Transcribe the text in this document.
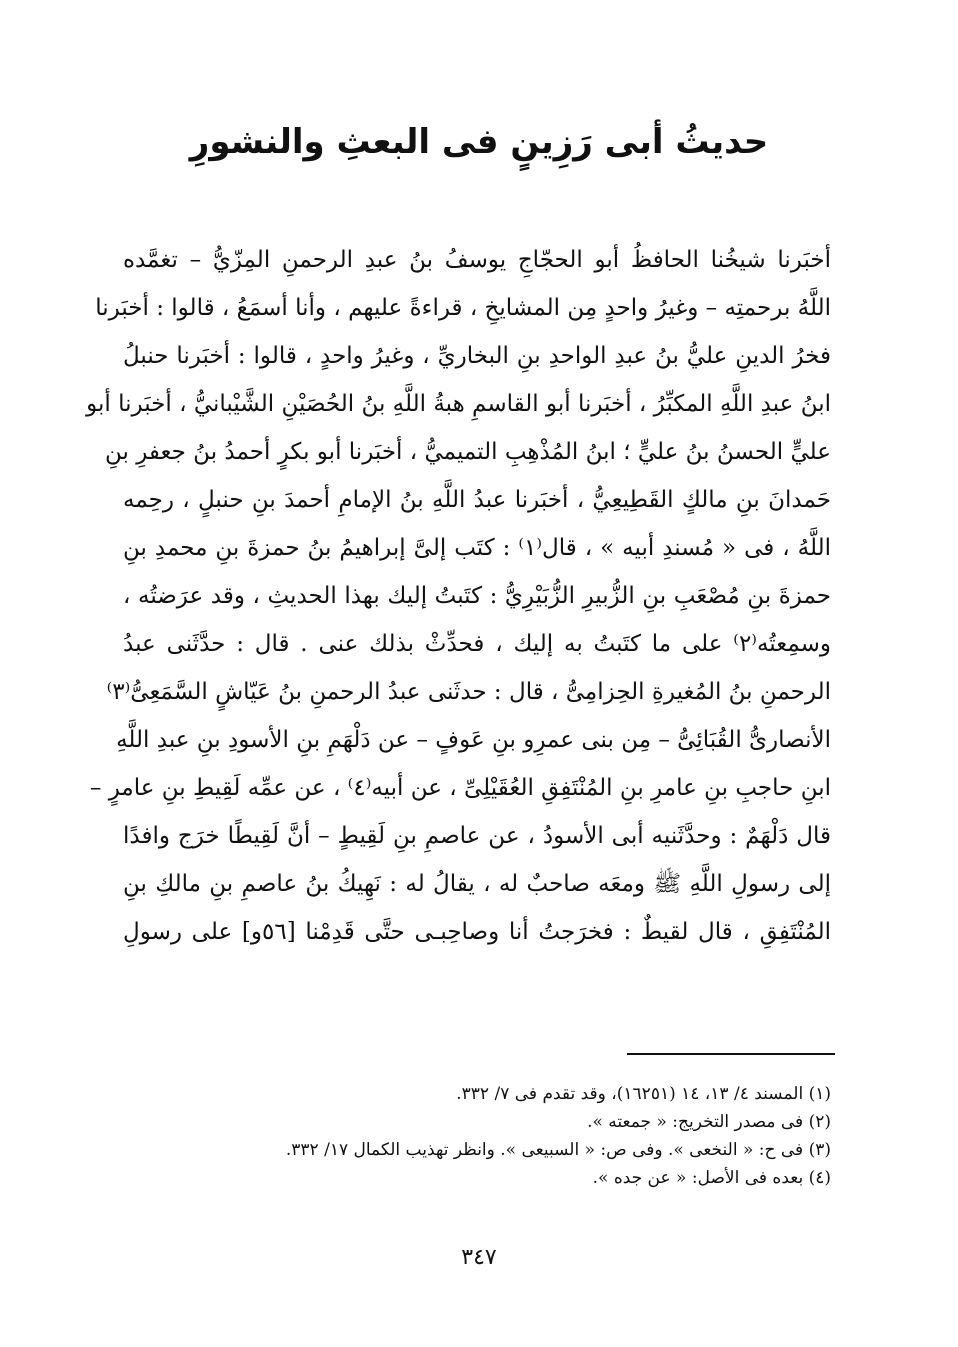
حديثُ أبى رَزِينٍ فى البعثِ والنشورِ
أخبَرنا شيخُنا الحافظُ أبو الحجّاجِ يوسفُ بنُ عبدِ الرحمنِ المِزّيُّ – تغمَّده
اللَّهُ برحمتِه – وغيرُ واحدٍ مِن المشايخِ ، قراءةً عليهم ، وأنا أسمَعُ ، قالوا : أخبَرنا
فخرُ الدينِ عليُّ بنُ عبدِ الواحدِ بنِ البخاريِّ ، وغيرُ واحدٍ ، قالوا : أخبَرنا حنبلُ
ابنُ عبدِ اللَّهِ المكبِّرُ ، أخبَرنا أبو القاسمِ هبةُ اللَّهِ بنُ الحُصَيْنِ الشَّيْبانيُّ ، أخبَرنا أبو
عليٍّ الحسنُ بنُ عليٍّ ؛ ابنُ المُذْهِبِ التميميُّ ، أخبَرنا أبو بكرٍ أحمدُ بنُ جعفرِ بنِ
حَمدانَ بنِ مالكٍ القَطِيعِيُّ ، أخبَرنا عبدُ اللَّهِ بنُ الإمامِ أحمدَ بنِ حنبلٍ ، رحِمه
اللَّهُ ، فى « مُسندِ أبيه » ، قال⁽١⁾ : كتَب إلىَّ إبراهيمُ بنُ حمزةَ بنِ محمدِ بنِ
حمزةَ بنِ مُصْعَبِ بنِ الزُّبيرِ الزُّبَيْرِيُّ : كتَبتُ إليك بهذا الحديثِ ، وقد عرَضتُه ،
وسمِعتُه⁽٢⁾ على ما كتَبتُ به إليك ، فحدِّثْ بذلك عنى . قال : حدَّثَنى عبدُ
الرحمنِ بنُ المُغيرةِ الحِزامِىُّ ، قال : حدثَنى عبدُ الرحمنِ بنُ عَيّاشٍ السَّمَعِىُّ⁽٣⁾
الأنصارىُّ القُبَائِىُّ – مِن بنى عمرِو بنِ عَوفٍ – عن دَلْهَمِ بنِ الأسودِ بنِ عبدِ اللَّهِ
ابنِ حاجبِ بنِ عامرِ بنِ المُنْتَفِقِ العُقَيْلِىِّ ، عن أبيه⁽٤⁾ ، عن عمِّه لَقِيطِ بنِ عامرٍ –
قال دَلْهَمٌ : وحدَّثَنيه أبى الأسودُ ، عن عاصمِ بنِ لَقِيطٍ – أنَّ لَقِيطًا خرَج وافدًا
إلى رسولِ اللَّهِ ﷺ ومعَه صاحبٌ له ، يقالُ له : نَهِيكُ بنُ عاصمِ بنِ مالكِ بنِ
المُنْتَفِقِ ، قال لقيطٌ : فخرَجتُ أنا وصاحِبـى حتَّى قَدِمْنا [٥٦و] على رسولِ
(١) المسند ٤/ ١٣، ١٤ (١٦٢٥١)، وقد تقدم فى ٧/ ٣٣٢.
(٢) فى مصدر التخريج: « جمعته ».
(٣) فى ح: « النخعى ». وفى ص: « السبيعى ». وانظر تهذيب الكمال ١٧/ ٣٣٢.
(٤) بعده فى الأصل: « عن جده ».
٣٤٧
